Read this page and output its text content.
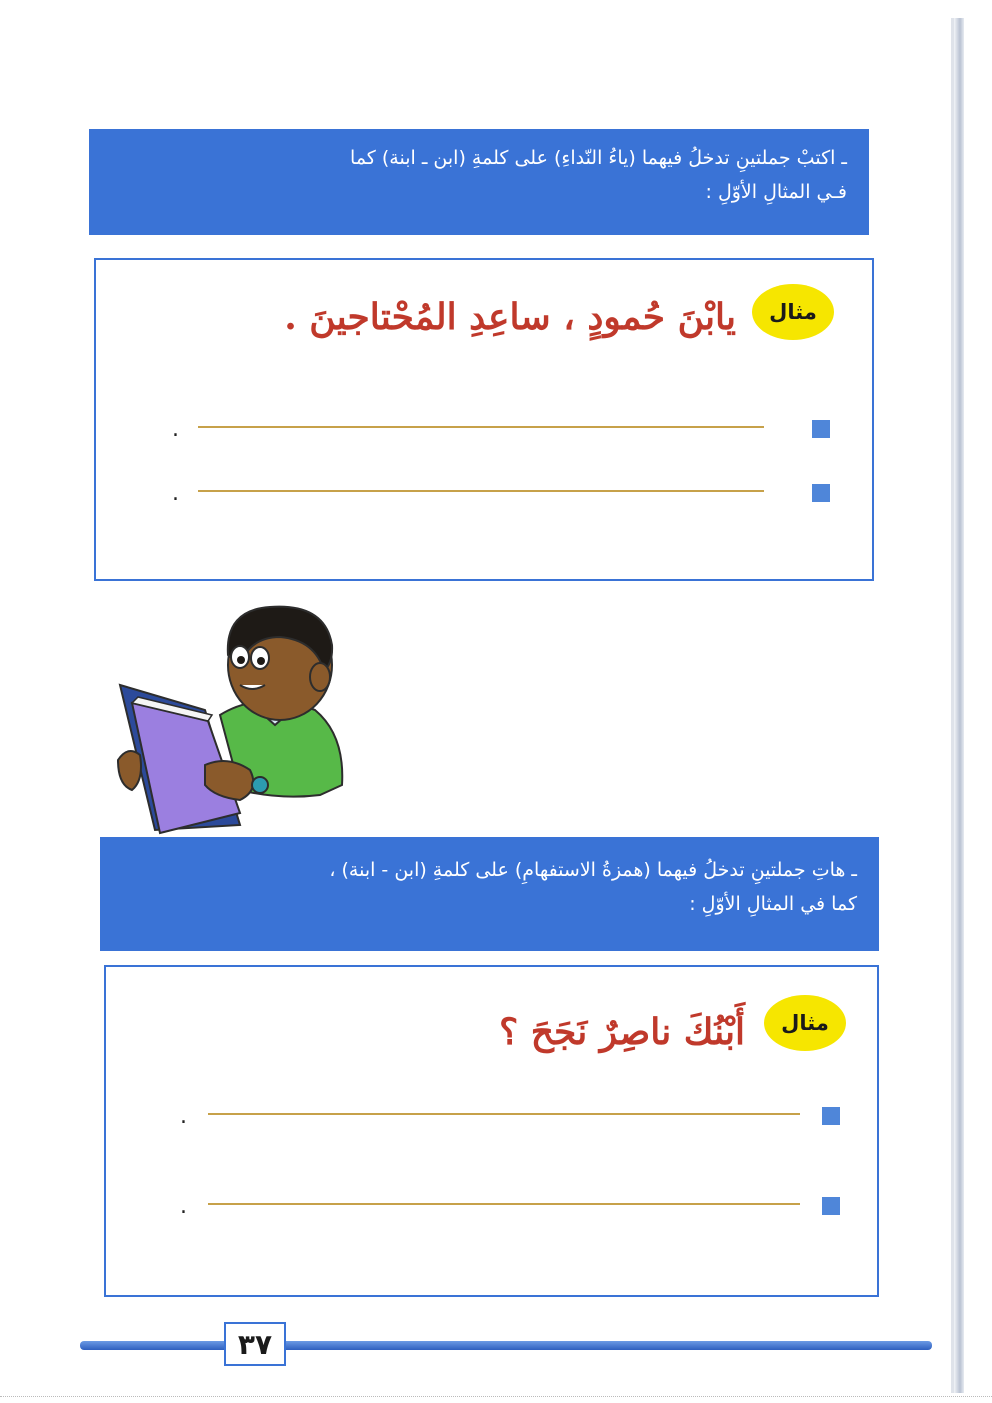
ـ اكتبْ جملتينِ تدخلُ فيهما (ياءُ النّداءِ) على كلمةِ (ابن ـ ابنة) كما
فـي المثالِ الأوّلِ :
مثال
يابْنَ حُمودٍ ، ساعِدِ المُحْتاجينَ .
.
.
ـ هاتِ جملتينِ تدخلُ فيهما (همزةُ الاستفهامِ) على كلمةِ (ابن - ابنة) ،
كما في المثالِ الأوّلِ :
مثال
أَبْنُكَ ناصِرٌ نَجَحَ ؟
.
.
٣٧
